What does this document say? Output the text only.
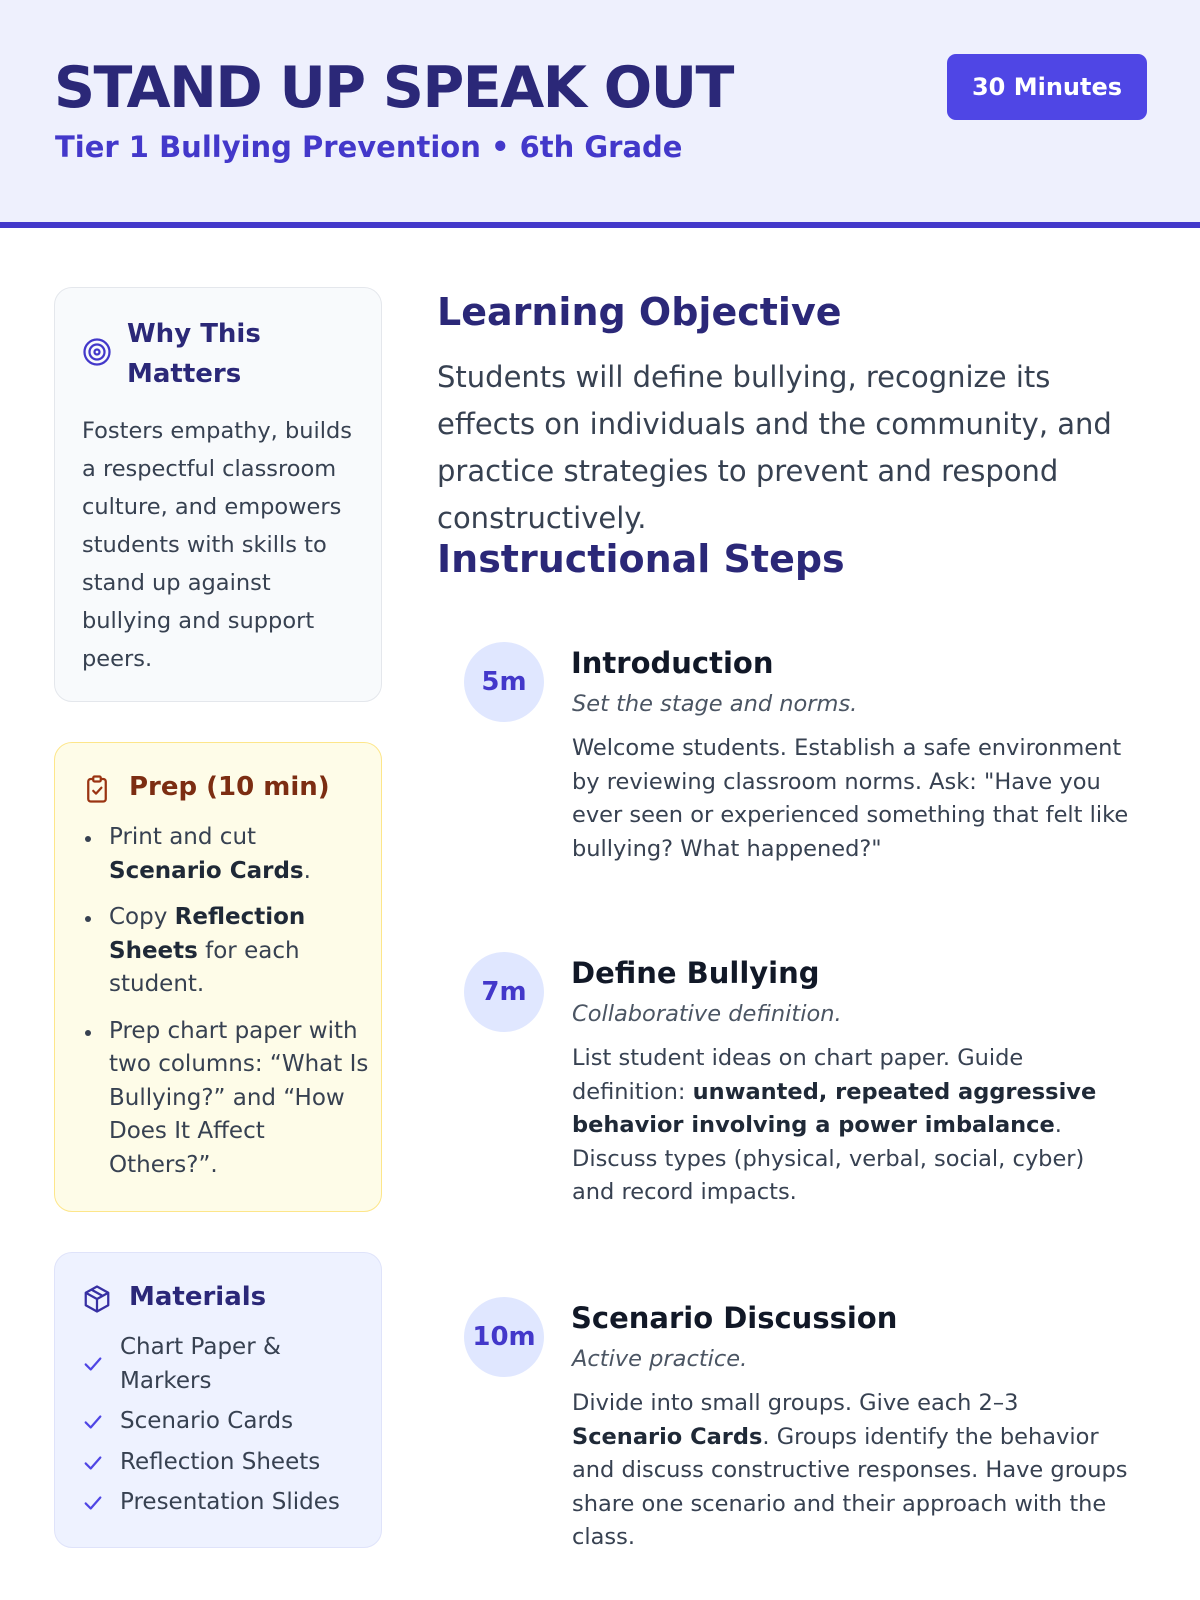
STAND UP SPEAK OUT
Tier 1 Bullying Prevention • 6th Grade
30 Minutes
Why This Matters

Fosters empathy, builds a respectful classroom culture, and empowers students with skills to stand up against bullying and support peers.

Prep (10 min)
Print and cut Scenario Cards.
Copy Reflection Sheets for each student.
Prep chart paper with two columns: “What Is Bullying?” and “How Does It Affect Others?”.
Materials
Chart Paper & Markers
Scenario Cards
Reflection Sheets
Presentation Slides
Learning Objective

Students will define bullying, recognize its effects on individuals and the community, and practice strategies to prevent and respond constructively.

Instructional Steps
5m
Introduction
Set the stage and norms.

Welcome students. Establish a safe environment by reviewing classroom norms. Ask: "Have you ever seen or experienced something that felt like bullying? What happened?"

7m
Define Bullying
Collaborative definition.

List student ideas on chart paper. Guide definition: unwanted, repeated aggressive behavior involving a power imbalance. Discuss types (physical, verbal, social, cyber) and record impacts.

10m
Scenario Discussion
Active practice.

Divide into small groups. Give each 2–3 Scenario Cards. Groups identify the behavior and discuss constructive responses. Have groups share one scenario and their approach with the class.
